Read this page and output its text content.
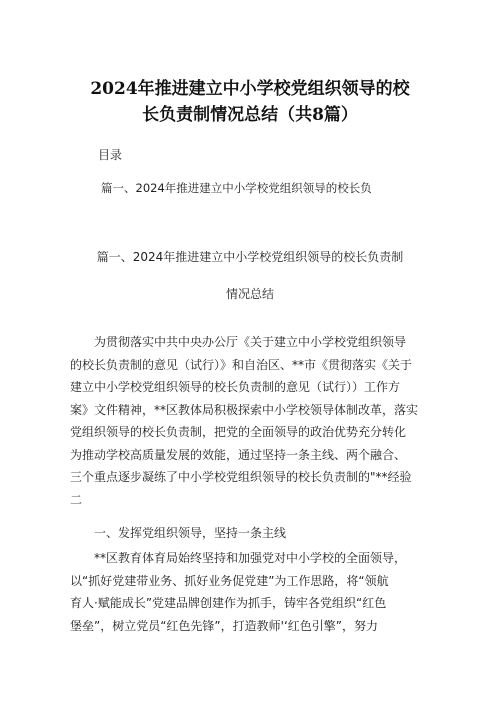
2024年推进建立中小学校党组织领导的校
长负责制情况总结（共8篇）
目录
篇一、2024年推进建立中小学校党组织领导的校长负
篇一、2024年推进建立中小学校党组织领导的校长负责制
情况总结
为贯彻落实中共中央办公厅《关于建立中小学校党组织领导
的校长负责制的意见（试行）》和自治区、**市《贯彻落实《关于
建立中小学校党组织领导的校长负责制的意见（试行））工作方
案》文件精神，**区教体局积极探索中小学校领导体制改革，落实
党组织领导的校长负责制，把党的全面领导的政治优势充分转化
为推动学校高质量发展的效能，通过坚持一条主线、两个融合、
三个重点逐步凝练了中小学校党组织领导的校长负责制的"**经验
二
一、发挥党组织领导，坚持一条主线
**区教育体育局始终坚持和加强党对中小学校的全面领导，
以“抓好党建带业务、抓好业务促党建”为工作思路，将“领航
育人·赋能成长”党建品牌创建作为抓手，铸牢各党组织“红色
堡垒”，树立党员“红色先锋”，打造教师'‘红色引擎”，努力
